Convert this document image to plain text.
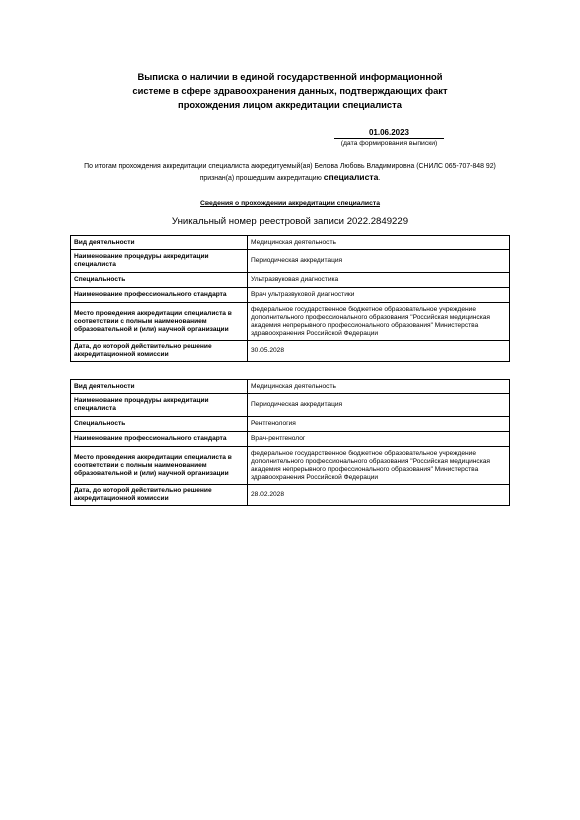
Выписка о наличии в единой государственной информационной
системе в сфере здравоохранения данных, подтверждающих факт
прохождения лицом аккредитации специалиста
01.06.2023
(дата формирования выписки)
По итогам прохождения аккредитации специалиста аккредитуемый(ая) Белова Любовь Владимировна (СНИЛС 065-707-848 92)
признан(а) прошедшим аккредитацию специалиста.
Сведения о прохождении аккредитации специалиста
Уникальный номер реестровой записи 2022.2849229
Вид деятельности	Медицинская деятельность
Наименование процедуры аккредитации специалиста	Периодическая аккредитация
Специальность	Ультразвуковая диагностика
Наименование профессионального стандарта	Врач ультразвуковой диагностики
Место проведения аккредитации специалиста в соответствии с полным наименованием образовательной и (или) научной организации	федеральное государственное бюджетное образовательное учреждение дополнительного профессионального образования "Российская медицинская академия непрерывного профессионального образования" Министерства здравоохранения Российской Федерации
Дата, до которой действительно решение аккредитационной комиссии	30.05.2028
Вид деятельности	Медицинская деятельность
Наименование процедуры аккредитации специалиста	Периодическая аккредитация
Специальность	Рентгенология
Наименование профессионального стандарта	Врач-рентгенолог
Место проведения аккредитации специалиста в соответствии с полным наименованием образовательной и (или) научной организации	федеральное государственное бюджетное образовательное учреждение дополнительного профессионального образования "Российская медицинская академия непрерывного профессионального образования" Министерства здравоохранения Российской Федерации
Дата, до которой действительно решение аккредитационной комиссии	28.02.2028
